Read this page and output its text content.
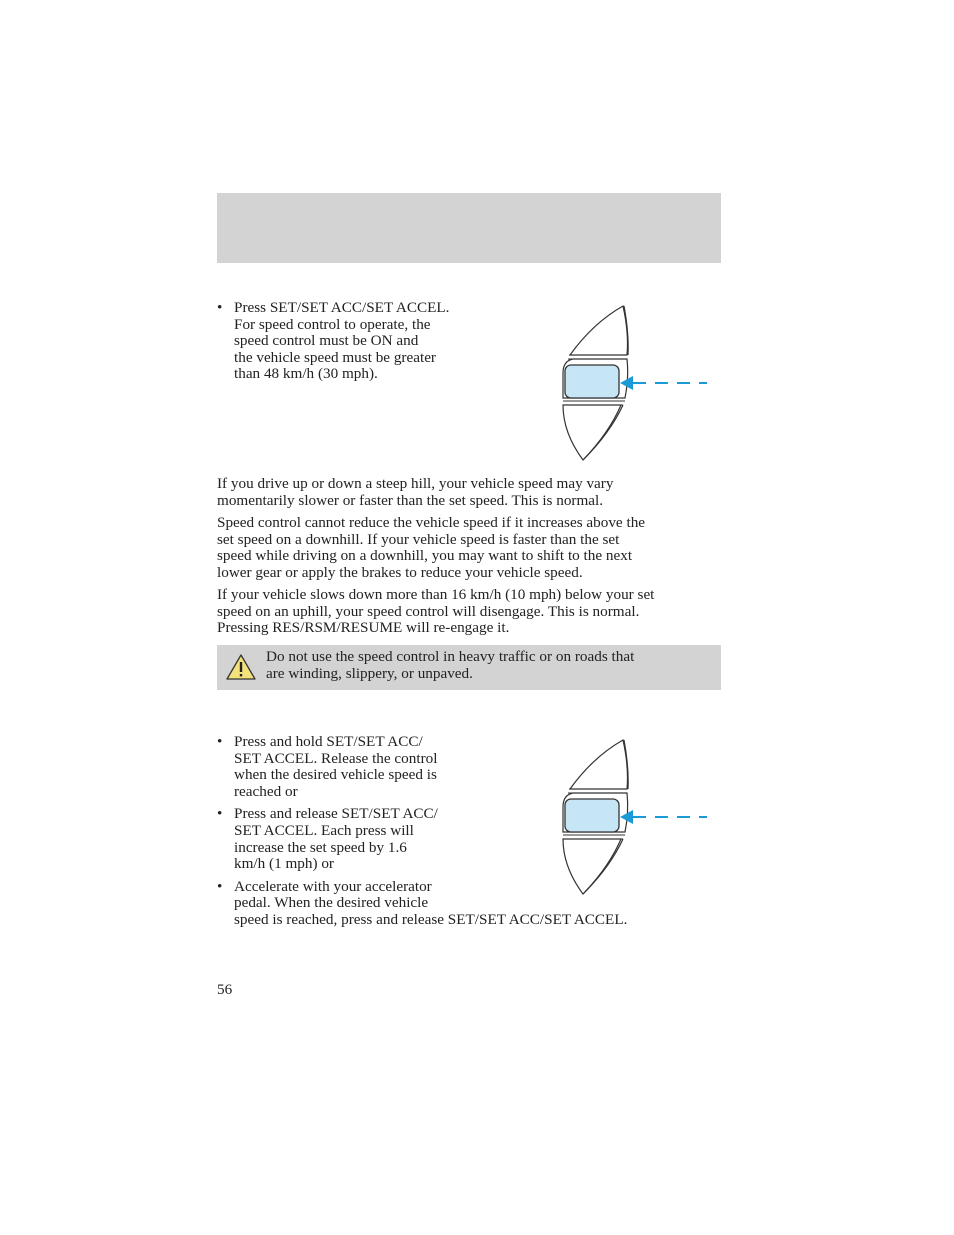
• Press SET/SET ACC/SET ACCEL.
For speed control to operate, the
speed control must be ON and
the vehicle speed must be greater
than 48 km/h (30 mph).
If you drive up or down a steep hill, your vehicle speed may vary
momentarily slower or faster than the set speed. This is normal.
Speed control cannot reduce the vehicle speed if it increases above the
set speed on a downhill. If your vehicle speed is faster than the set
speed while driving on a downhill, you may want to shift to the next
lower gear or apply the brakes to reduce your vehicle speed.
If your vehicle slows down more than 16 km/h (10 mph) below your set
speed on an uphill, your speed control will disengage. This is normal.
Pressing RES/RSM/RESUME will re-engage it.
Do not use the speed control in heavy traffic or on roads that
are winding, slippery, or unpaved.
• Press and hold SET/SET ACC/
SET ACCEL. Release the control
when the desired vehicle speed is
reached or
• Press and release SET/SET ACC/
SET ACCEL. Each press will
increase the set speed by 1.6
km/h (1 mph) or
• Accelerate with your accelerator
pedal. When the desired vehicle
speed is reached, press and release SET/SET ACC/SET ACCEL.
56
